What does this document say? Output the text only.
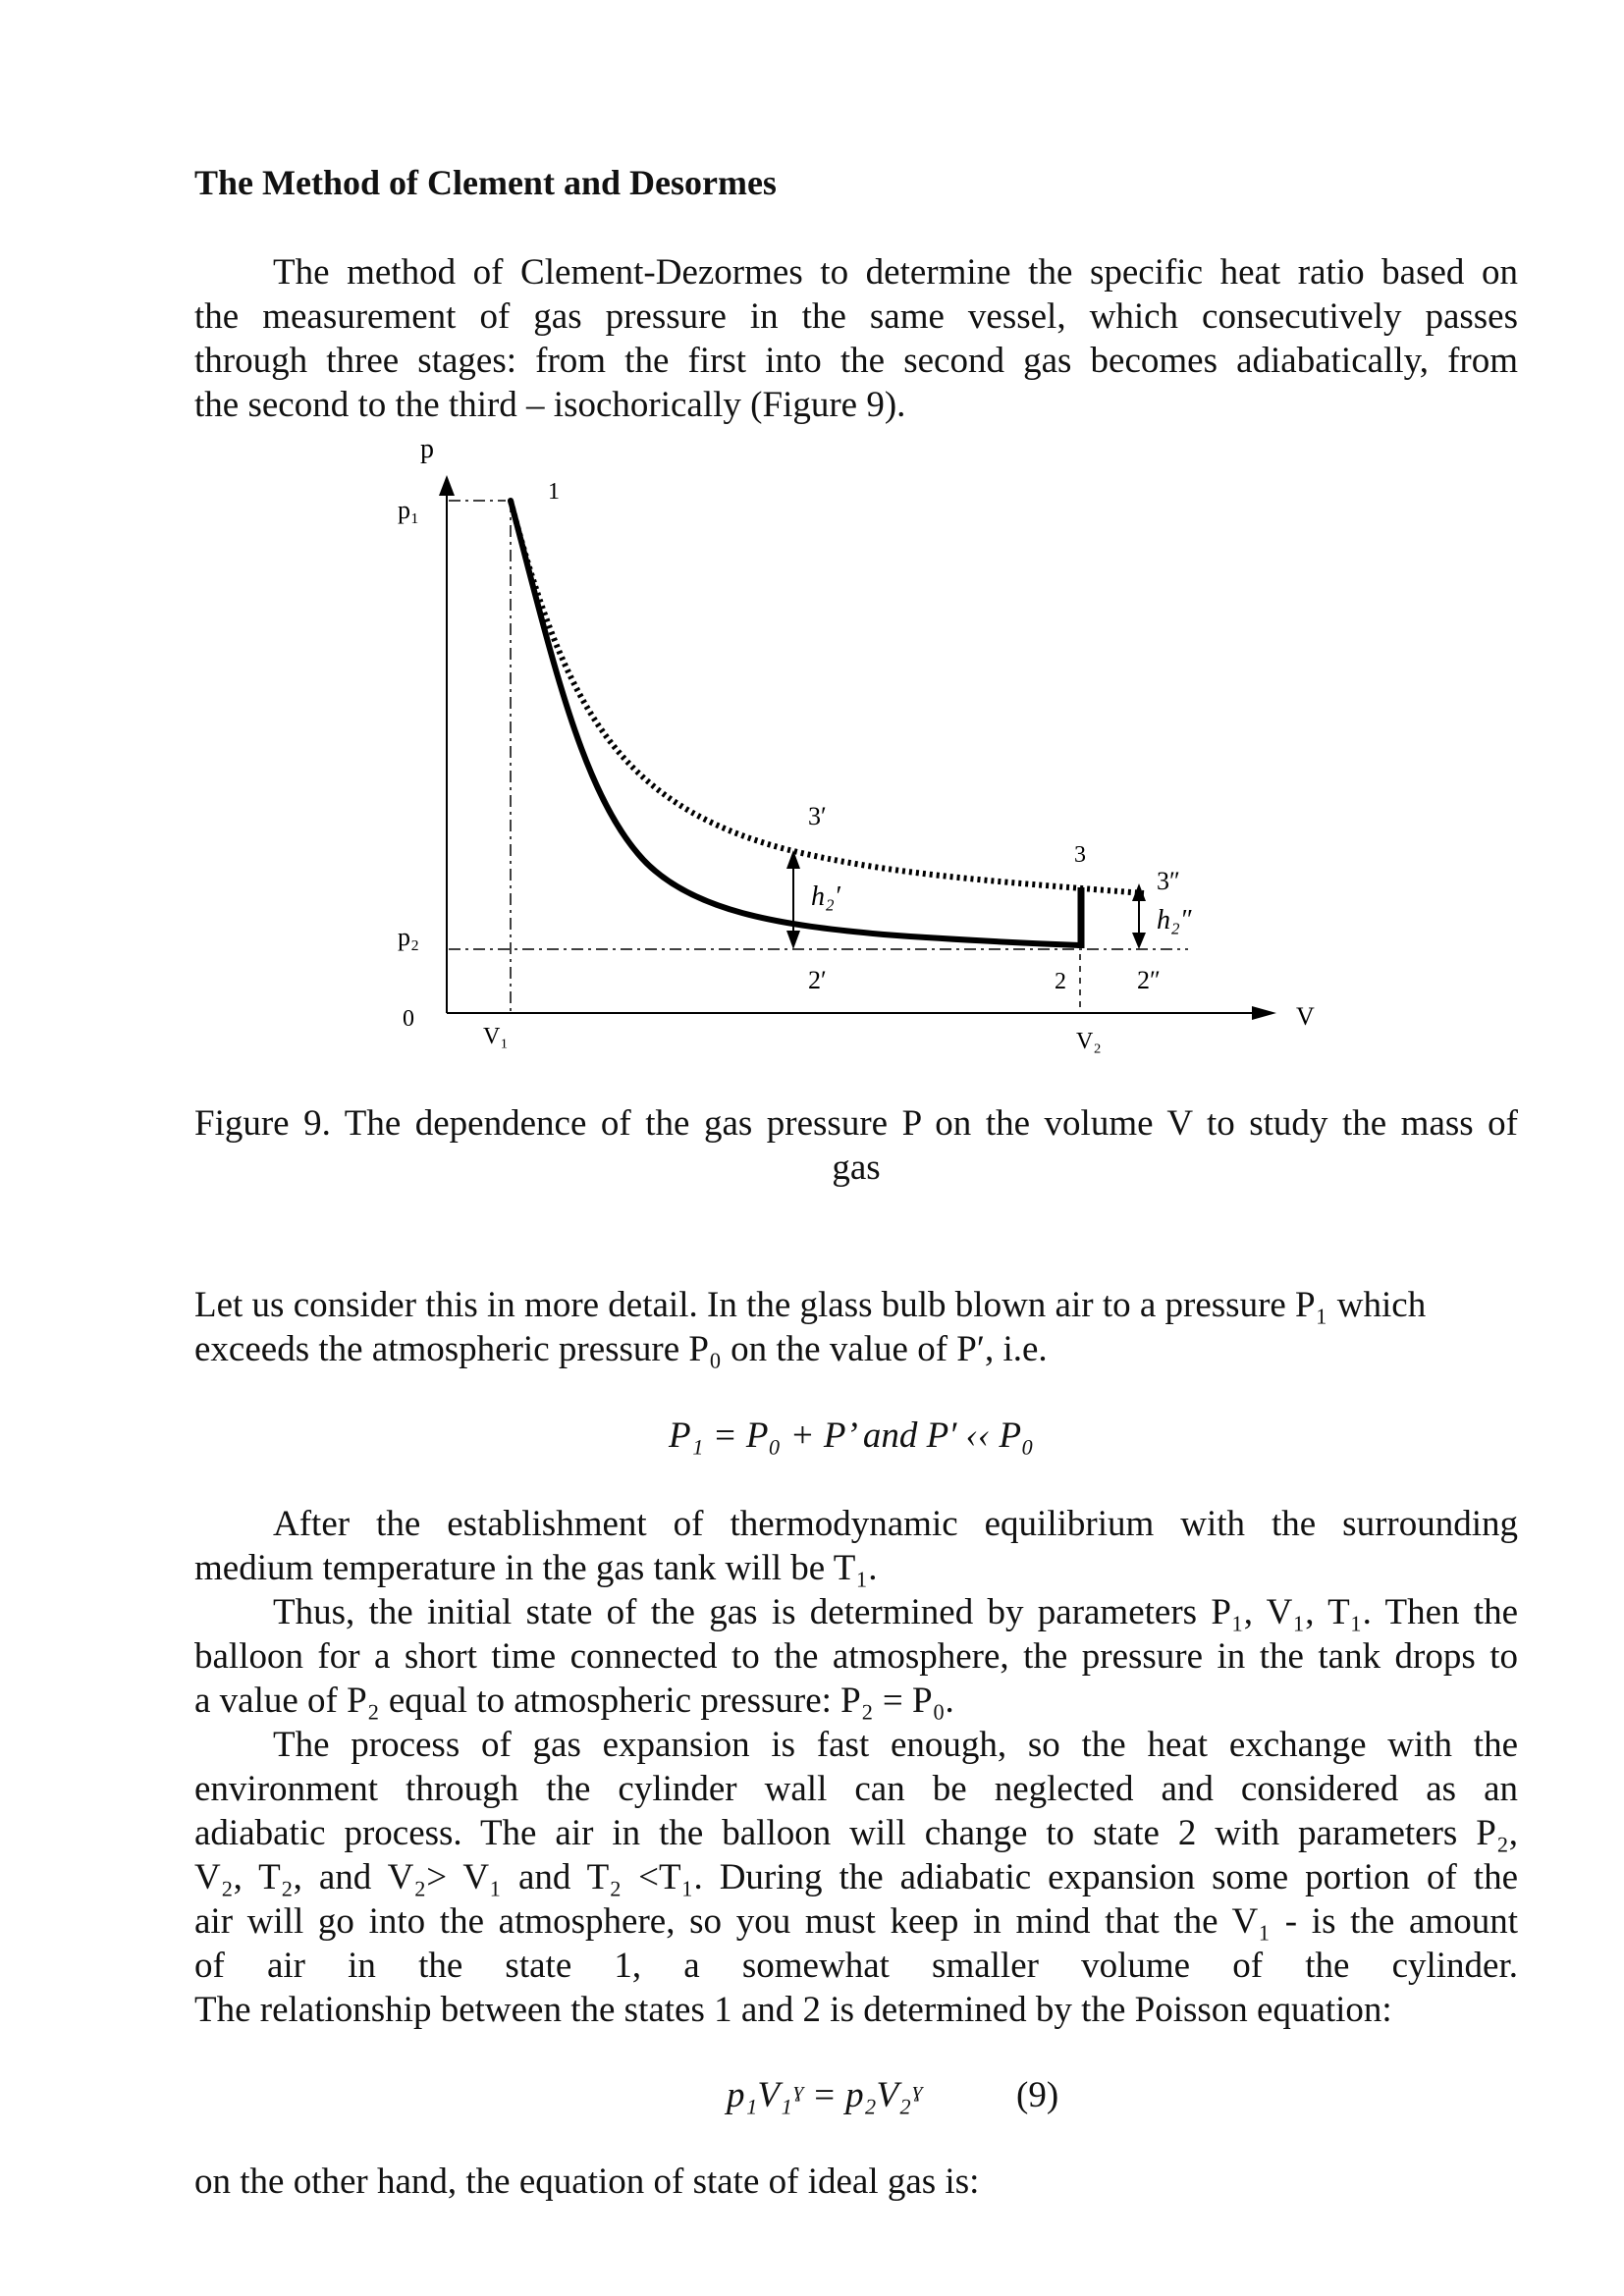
The Method of Clement and Desormes
The method of Clement-Dezormes to determine the specific heat ratio based on
the measurement of gas pressure in the same vessel, which consecutively passes
through three stages: from the first into the second gas becomes adiabatically, from
the second to the third – isochorically (Figure 9).
p
p₁
p₂
0
V₁	V₂
V
1
3
2
3′
2′
3″
2″
h₂′
h₂″
Figure 9. The dependence of the gas pressure P on the volume V to study the mass of
gas
Let us consider this in more detail. In the glass bulb blown air to a pressure P₁ which
exceeds the atmospheric pressure P₀ on the value of P′, i.e.
P₁ = P₀ + P’ and P′ ‹‹ P₀
After the establishment of thermodynamic equilibrium with the surrounding
medium temperature in the gas tank will be T₁.
Thus, the initial state of the gas is determined by parameters P₁, V₁, T₁. Then the
balloon for a short time connected to the atmosphere, the pressure in the tank drops to
a value of P₂ equal to atmospheric pressure: P₂ = P₀.
The process of gas expansion is fast enough, so the heat exchange with the
environment through the cylinder wall can be neglected and considered as an
adiabatic process. The air in the balloon will change to state 2 with parameters P₂,
V₂, T₂, and V₂> V₁ and T₂ <T₁. During the adiabatic expansion some portion of the
air will go into the atmosphere, so you must keep in mind that the V₁ - is the amount
of air in the state 1, a somewhat smaller volume of the cylinder.
The relationship between the states 1 and 2 is determined by the Poisson equation:
p₁V₁ˠ = p₂V₂ˠ	(9)
on the other hand, the equation of state of ideal gas is:
